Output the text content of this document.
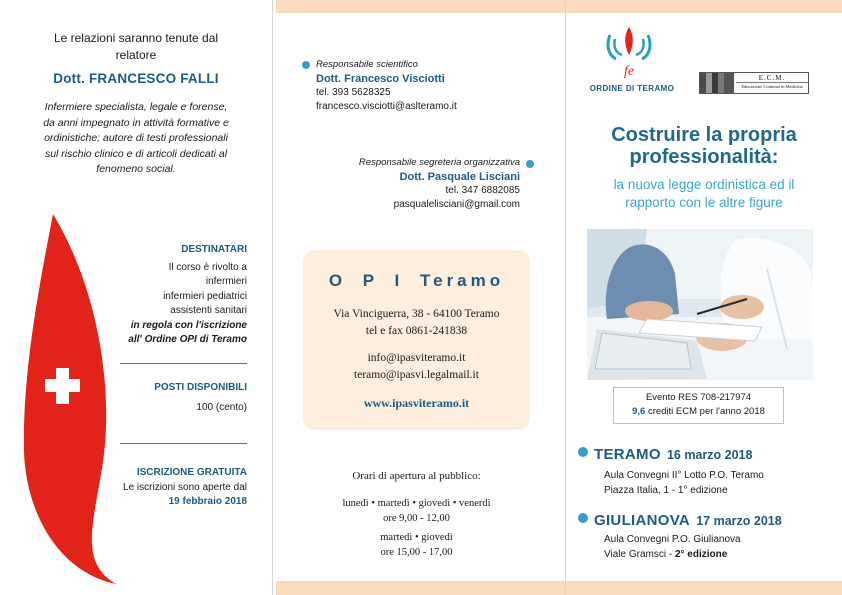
Le relazioni saranno tenute dal
relatore
Dott. FRANCESCO FALLI
Infermiere specialista, legale e forense,
da anni impegnato in attività formative e
ordinistiche; autore di testi professionali
sul rischio clinico e di articoli dedicati al
fenomeno social.
DESTINATARI
Il corso è rivolto a
infermieri
infermieri pediatrici
assistenti sanitari
in regola con l'iscrizione
all' Ordine OPI di Teramo
POSTI DISPONIBILI
100 (cento)
ISCRIZIONE GRATUITA
Le iscrizioni sono aperte dal
19 febbraio 2018
Responsabile scientifico
Dott. Francesco Visciotti
tel. 393 5628325
francesco.visciotti@aslteramo.it
Responsabile segreteria organizzativa
Dott. Pasquale Lisciani
tel. 347 6882085
pasqualelisciani@gmail.com
O P I Teramo
Via Vinciguerra, 38 - 64100 Teramo
tel e fax 0861-241838
info@ipasviteramo.it
teramo@ipasvi.legalmail.it
www.ipasviteramo.it
Orari di apertura al pubblico:
lunedì • martedì • giovedì • venerdì
ore 9,00 - 12,00
martedì • giovedì
ore 15,00 - 17,00
fe
ORDINE DI TERAMO
E.C.M.
Educazione Continua in Medicina
Costruire la propria
professionalità:
la nuova legge ordinistica ed il
rapporto con le altre figure
Evento RES 708-217974
9,6 crediti ECM per l'anno 2018
TERAMO 16 marzo 2018
Aula Convegni II° Lotto P.O. Teramo
Piazza Italia, 1 - 1° edizione
GIULIANOVA 17 marzo 2018
Aula Convegni P.O. Giulianova
Viale Gramsci - 2° edizione
